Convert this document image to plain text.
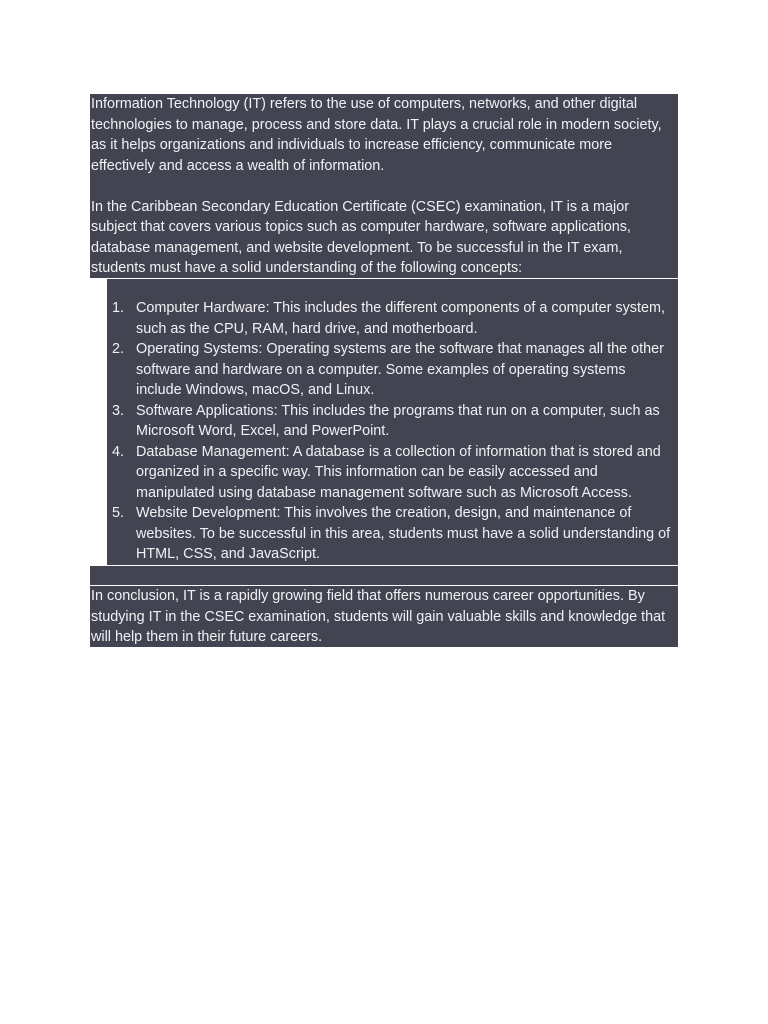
Information Technology (IT) refers to the use of computers, networks, and other digital technologies to manage, process and store data. IT plays a crucial role in modern society, as it helps organizations and individuals to increase efficiency, communicate more effectively and access a wealth of information.

In the Caribbean Secondary Education Certificate (CSEC) examination, IT is a major subject that covers various topics such as computer hardware, software applications, database management, and website development. To be successful in the IT exam, students must have a solid understanding of the following concepts:

1. Computer Hardware: This includes the different components of a computer system, such as the CPU, RAM, hard drive, and motherboard.
2. Operating Systems: Operating systems are the software that manages all the other software and hardware on a computer. Some examples of operating systems include Windows, macOS, and Linux.
3. Software Applications: This includes the programs that run on a computer, such as Microsoft Word, Excel, and PowerPoint.
4. Database Management: A database is a collection of information that is stored and organized in a specific way. This information can be easily accessed and manipulated using database management software such as Microsoft Access.
5. Website Development: This involves the creation, design, and maintenance of websites. To be successful in this area, students must have a solid understanding of HTML, CSS, and JavaScript.

In conclusion, IT is a rapidly growing field that offers numerous career opportunities. By studying IT in the CSEC examination, students will gain valuable skills and knowledge that will help them in their future careers.
